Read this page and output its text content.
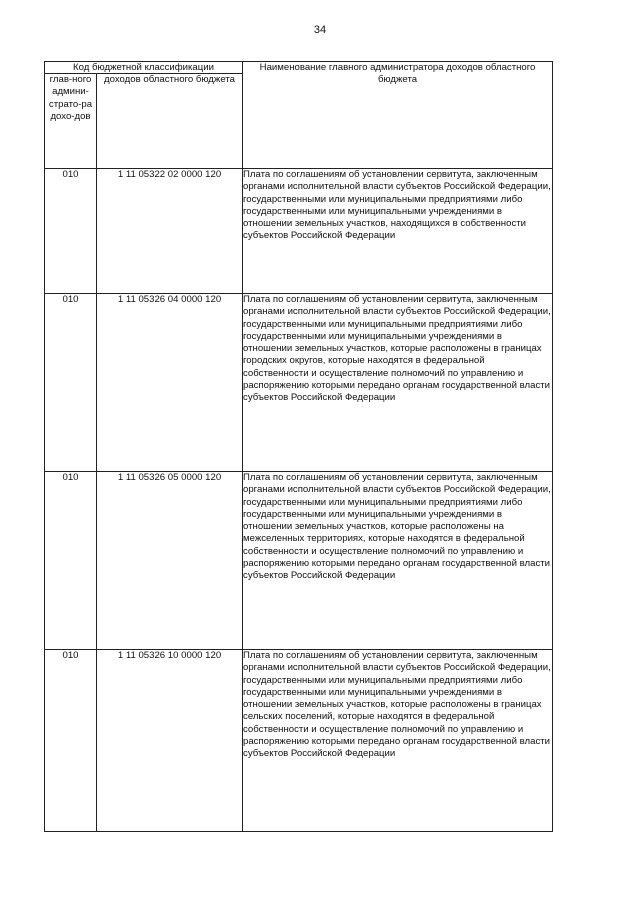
34
Код бюджетной классификации		Наименование главного администратора доходов областного бюджета
глав-ного админи-страто-ра дохо-дов	доходов областного бюджета	
010	1 11 05322 02 0000 120	Плата по соглашениям об установлении сервитута, заключенным органами исполнительной власти субъектов Российской Федерации, государственными или муниципальными предприятиями либо государственными или муниципальными учреждениями в отношении земельных участков, находящихся в собственности субъектов Российской Федерации
010	1 11 05326 04 0000 120	Плата по соглашениям об установлении сервитута, заключенным органами исполнительной власти субъектов Российской Федерации, государственными или муниципальными предприятиями либо государственными или муниципальными учреждениями в отношении земельных участков, которые расположены в границах городских округов, которые находятся в федеральной собственности и осуществление полномочий по управлению и распоряжению которыми передано органам государственной власти субъектов Российской Федерации
010	1 11 05326 05 0000 120	Плата по соглашениям об установлении сервитута, заключенным органами исполнительной власти субъектов Российской Федерации, государственными или муниципальными предприятиями либо государственными или муниципальными учреждениями в отношении земельных участков, которые расположены на межселенных территориях, которые находятся в федеральной собственности и осуществление полномочий по управлению и распоряжению которыми передано органам государственной власти субъектов Российской Федерации
010	1 11 05326 10 0000 120	Плата по соглашениям об установлении сервитута, заключенным органами исполнительной власти субъектов Российской Федерации, государственными или муниципальными предприятиями либо государственными или муниципальными учреждениями в отношении земельных участков, которые расположены в границах сельских поселений, которые находятся в федеральной собственности и осуществление полномочий по управлению и распоряжению которыми передано органам государственной власти субъектов Российской Федерации
